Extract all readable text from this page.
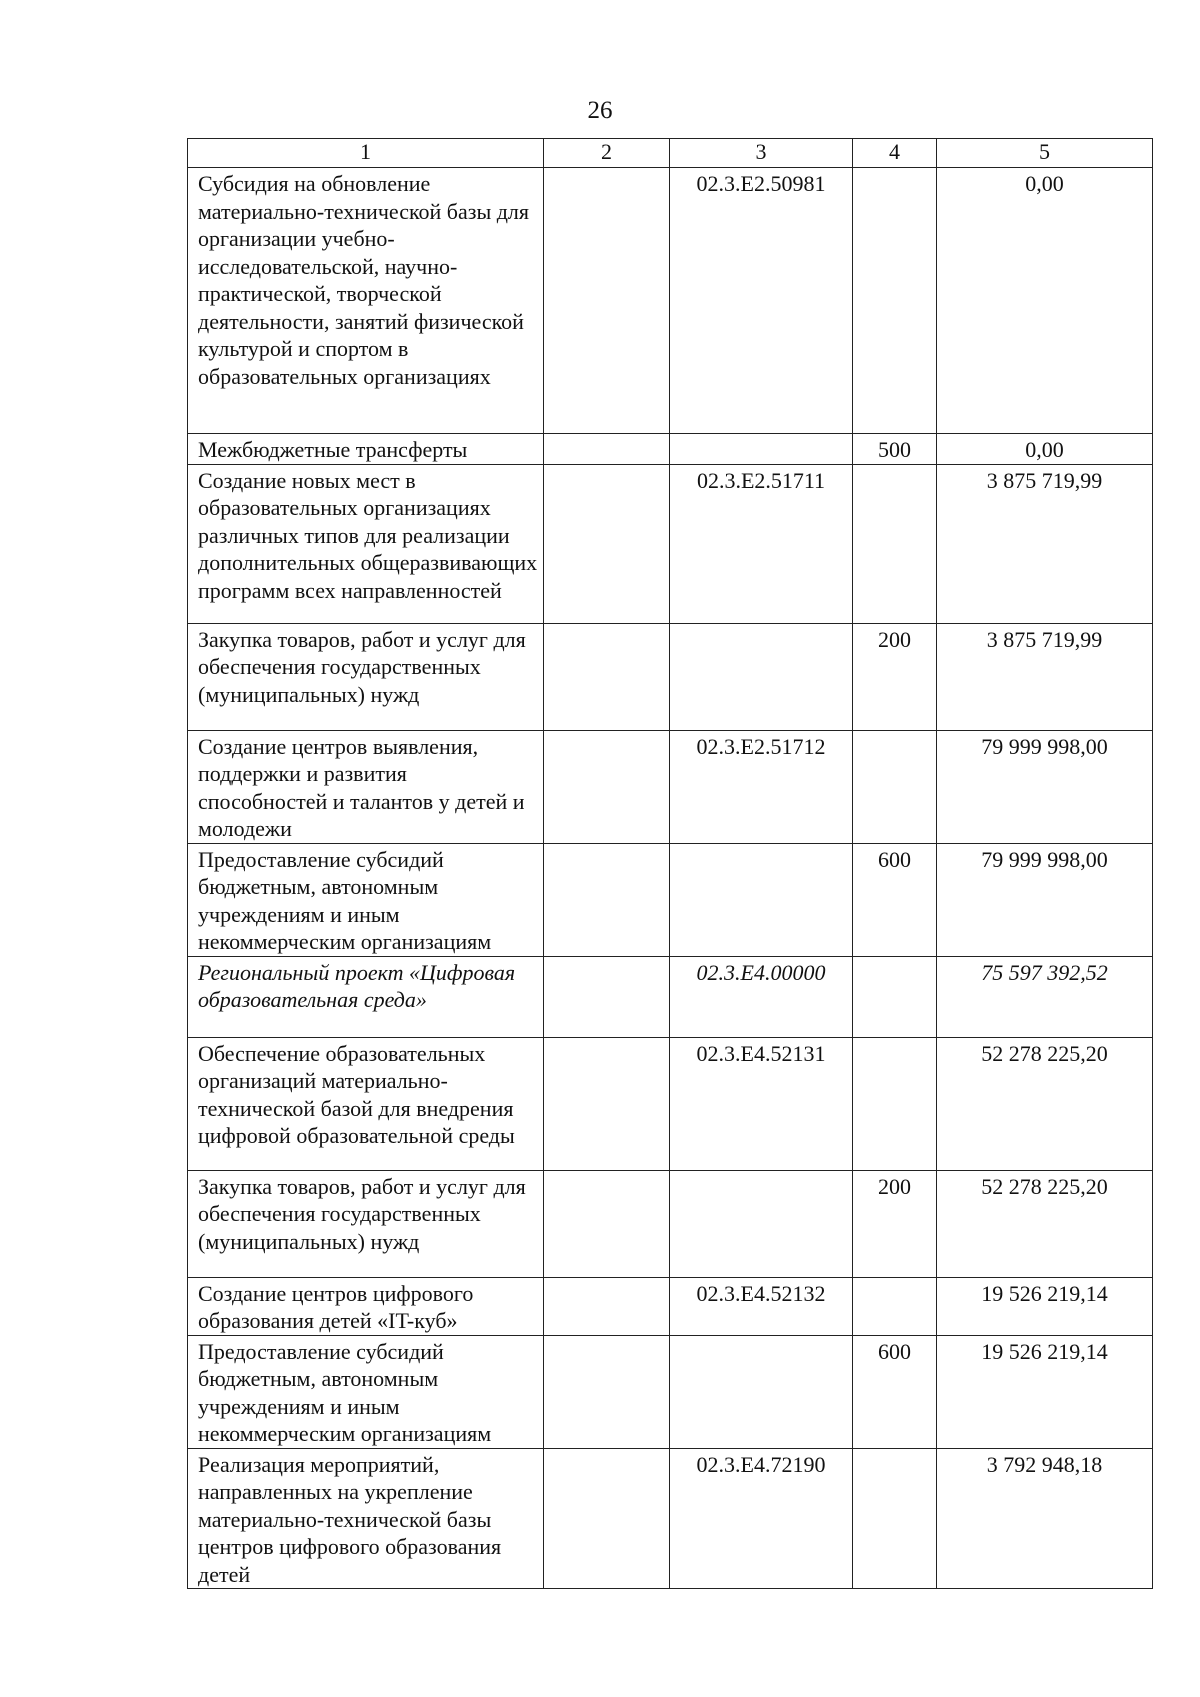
26
1	2	3	4	5
Субсидия на обновление материально-технической базы для организации учебно-исследовательской, научно-практической, творческой деятельности, занятий физической культурой и спортом в образовательных организациях		02.3.Е2.50981		0,00
Межбюджетные трансферты			500	0,00
Создание новых мест в образовательных организациях различных типов для реализации дополнительных общеразвивающих программ всех направленностей		02.3.Е2.51711		3 875 719,99
Закупка товаров, работ и услуг для обеспечения государственных (муниципальных) нужд			200	3 875 719,99
Создание центров выявления, поддержки и развития способностей и талантов у детей и молодежи		02.3.Е2.51712		79 999 998,00
Предоставление субсидий бюджетным, автономным учреждениям и иным некоммерческим организациям			600	79 999 998,00
Региональный проект «Цифровая образовательная среда»		02.3.Е4.00000		75 597 392,52
Обеспечение образовательных организаций материально-технической базой для внедрения цифровой образовательной среды		02.3.Е4.52131		52 278 225,20
Закупка товаров, работ и услуг для обеспечения государственных (муниципальных) нужд			200	52 278 225,20
Создание центров цифрового образования детей «IT-куб»		02.3.Е4.52132		19 526 219,14
Предоставление субсидий бюджетным, автономным учреждениям и иным некоммерческим организациям			600	19 526 219,14
Реализация мероприятий, направленных на укрепление материально-технической базы центров цифрового образования детей		02.3.Е4.72190		3 792 948,18
